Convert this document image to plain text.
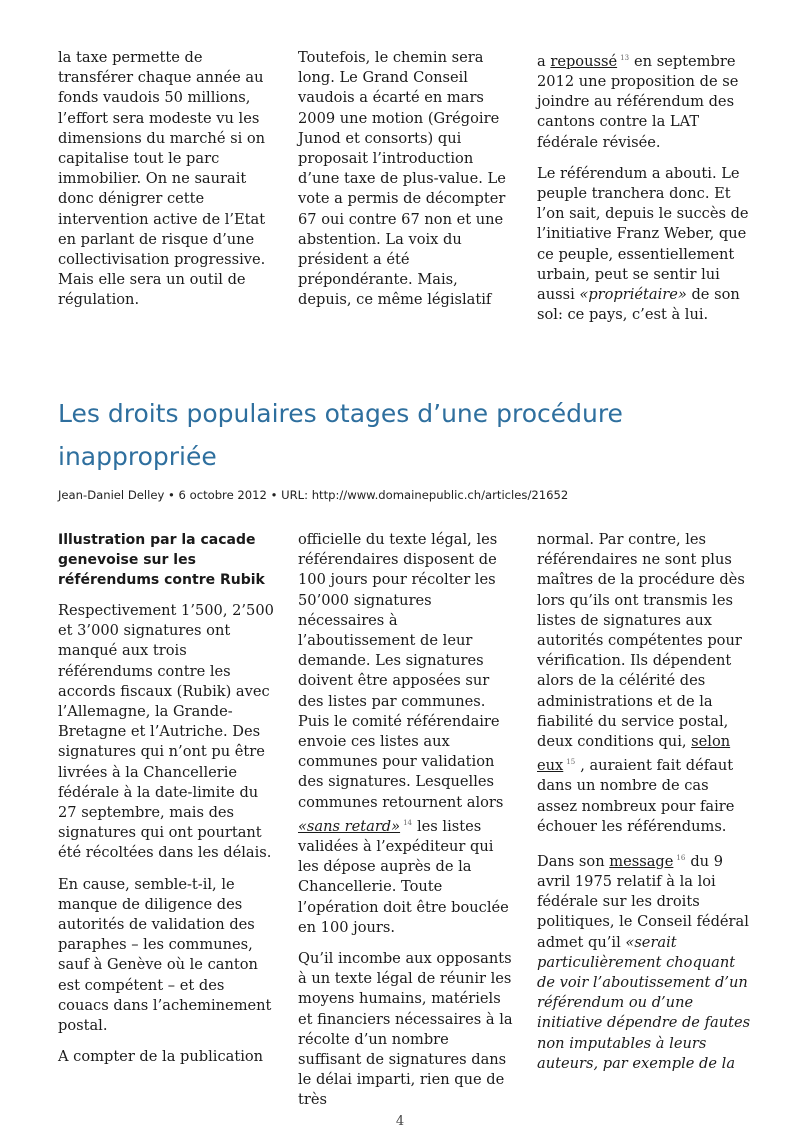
la taxe permette de transférer chaque année au fonds vaudois 50 millions, l’effort sera modeste vu les dimensions du marché si on capitalise tout le parc immobilier. On ne saurait donc dénigrer cette intervention active de l’Etat en parlant de risque d’une collectivisation progressive. Mais elle sera un outil de régulation.

Toutefois, le chemin sera long. Le Grand Conseil vaudois a écarté en mars 2009 une motion (Grégoire Junod et consorts) qui proposait l’introduction d’une taxe de plus-value. Le vote a permis de décompter 67 oui contre 67 non et une abstention. La voix du président a été prépondérante. Mais, depuis, ce même législatif

a repoussé $^{13}$ en septembre 2012 une proposition de se joindre au référendum des cantons contre la LAT fédérale révisée.

Le référendum a abouti. Le peuple tranchera donc. Et l’on sait, depuis le succès de l’initiative Franz Weber, que ce peuple, essentiellement urbain, peut se sentir lui aussi «propriétaire» de son sol: ce pays, c’est à lui.

Les droits populaires otages d’une procédure inappropriée
Jean-Daniel Delley • 6 octobre 2012 • URL: http://www.domainepublic.ch/articles/21652

Illustration par la cacade genevoise sur les référendums contre Rubik

Respectivement 1’500, 2’500 et 3’000 signatures ont manqué aux trois référendums contre les accords fiscaux (Rubik) avec l’Allemagne, la Grande-Bretagne et l’Autriche. Des signatures qui n’ont pu être livrées à la Chancellerie fédérale à la date-limite du 27 septembre, mais des signatures qui ont pourtant été récoltées dans les délais.

En cause, semble-t-il, le manque de diligence des autorités de validation des paraphes – les communes, sauf à Genève où le canton est compétent – et des couacs dans l’acheminement postal.

A compter de la publication

officielle du texte légal, les référendaires disposent de 100 jours pour récolter les 50’000 signatures nécessaires à l’aboutissement de leur demande. Les signatures doivent être apposées sur des listes par communes. Puis le comité référendaire envoie ces listes aux communes pour validation des signatures. Lesquelles communes retournent alors «sans retard» $^{14}$ les listes validées à l’expéditeur qui les dépose auprès de la Chancellerie. Toute l’opération doit être bouclée en 100 jours.

Qu’il incombe aux opposants à un texte légal de réunir les moyens humains, matériels et financiers nécessaires à la récolte d’un nombre suffisant de signatures dans le délai imparti, rien que de très

normal. Par contre, les référendaires ne sont plus maîtres de la procédure dès lors qu’ils ont transmis les listes de signatures aux autorités compétentes pour vérification. Ils dépendent alors de la célérité des administrations et de la fiabilité du service postal, deux conditions qui, selon eux $^{15}$ , auraient fait défaut dans un nombre de cas assez nombreux pour faire échouer les référendums.

Dans son message $^{16}$ du 9 avril 1975 relatif à la loi fédérale sur les droits politiques, le Conseil fédéral admet qu’il «serait particulièrement choquant de voir l’aboutissement d’un référendum ou d’une initiative dépendre de fautes non imputables à leurs auteurs, par exemple de la

4
